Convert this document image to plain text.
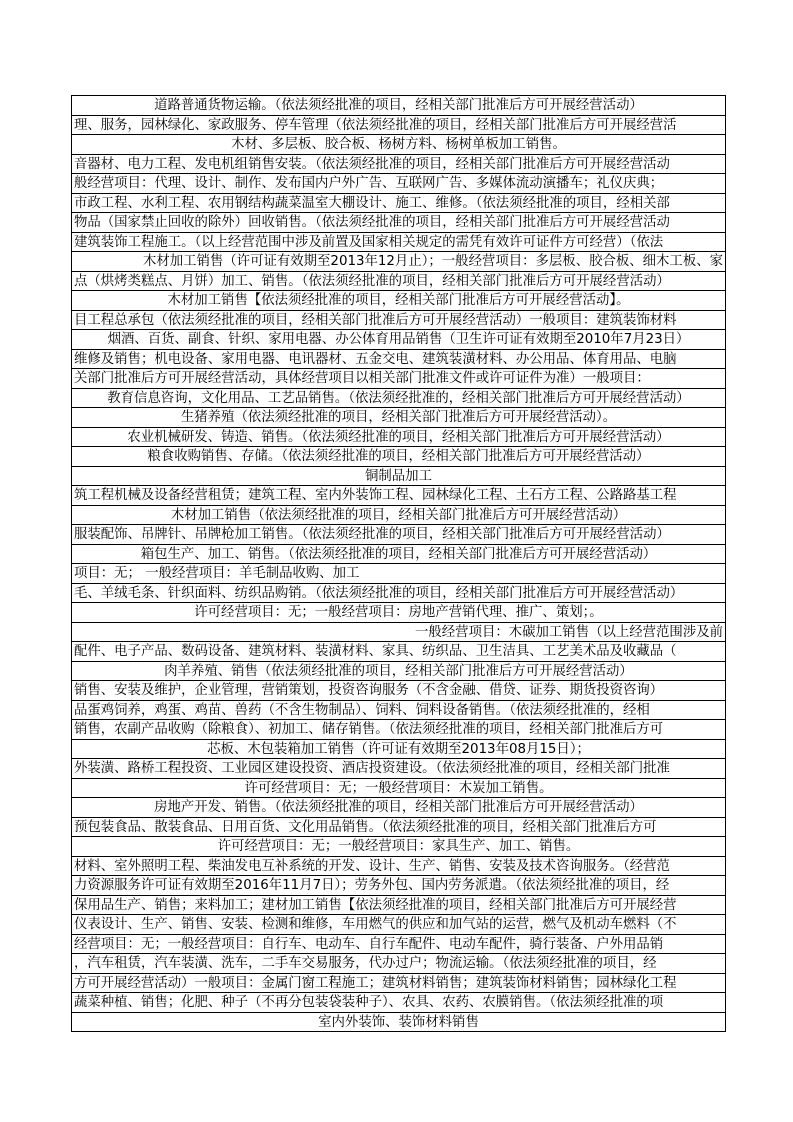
道路普通货物运输。（依法须经批准的项目，经相关部门批准后方可开展经营活动）
理、服务，园林绿化、家政服务、停车管理（依法须经批准的项目，经相关部门批准后方可开展经营活
木材、多层板、胶合板、杨树方料、杨树单板加工销售。
音器材、电力工程、发电机组销售安装。（依法须经批准的项目，经相关部门批准后方可开展经营活动
般经营项目：代理、设计、制作、发布国内户外广告、互联网广告、多媒体流动演播车；礼仪庆典；
市政工程、水利工程、农用钢结构蔬菜温室大棚设计、施工、维修。（依法须经批准的项目，经相关部
物品（国家禁止回收的除外）回收销售。（依法须经批准的项目，经相关部门批准后方可开展经营活动
建筑装饰工程施工。（以上经营范围中涉及前置及国家相关规定的需凭有效许可证件方可经营）（依法
木材加工销售（许可证有效期至2013年12月止）；一般经营项目：多层板、胶合板、细木工板、家
点（烘烤类糕点、月饼）加工、销售。（依法须经批准的项目，经相关部门批准后方可开展经营活动）
木材加工销售【依法须经批准的项目，经相关部门批准后方可开展经营活动】。
目工程总承包（依法须经批准的项目，经相关部门批准后方可开展经营活动）一般项目：建筑装饰材料
烟酒、百货、副食、针织、家用电器、办公体育用品销售（卫生许可证有效期至2010年7月23日）
维修及销售；机电设备、家用电器、电讯器材、五金交电、建筑装潢材料、办公用品、体育用品、电脑
关部门批准后方可开展经营活动，具体经营项目以相关部门批准文件或许可证件为准）一般项目：
教育信息咨询，文化用品、工艺品销售。（依法须经批准的，经相关部门批准后方可开展经营活动）
生猪养殖（依法须经批准的项目，经相关部门批准后方可开展经营活动）。
农业机械研发、铸造、销售。（依法须经批准的项目，经相关部门批准后方可开展经营活动）
粮食收购销售、存储。（依法须经批准的项目，经相关部门批准后方可开展经营活动）
铜制品加工
筑工程机械及设备经营租赁；建筑工程、室内外装饰工程、园林绿化工程、土石方工程、公路路基工程
木材加工销售（依法须经批准的项目，经相关部门批准后方可开展经营活动）
服装配饰、吊牌针、吊牌枪加工销售。（依法须经批准的项目，经相关部门批准后方可开展经营活动）
箱包生产、加工、销售。（依法须经批准的项目，经相关部门批准后方可开展经营活动）
项目：无； 一般经营项目：羊毛制品收购、加工
毛、羊绒毛条、针织面料、纺织品购销。（依法须经批准的项目，经相关部门批准后方可开展经营活动）
许可经营项目：无；一般经营项目：房地产营销代理、推广、策划；。
一般经营项目：木碳加工销售（以上经营范围涉及前
配件、电子产品、数码设备、建筑材料、装潢材料、家具、纺织品、卫生洁具、工艺美术品及收藏品（
肉羊养殖、销售（依法须经批准的项目，经相关部门批准后方可开展经营活动）
销售、安装及维护，企业管理，营销策划，投资咨询服务（不含金融、借贷、证券、期货投资咨询）
品蛋鸡饲养，鸡蛋、鸡苗、兽药（不含生物制品）、饲料、饲料设备销售。（依法须经批准的，经相
销售，农副产品收购（除粮食）、初加工、储存销售。（依法须经批准的项目，经相关部门批准后方可
芯板、木包装箱加工销售（许可证有效期至2013年08月15日）；
外装潢、路桥工程投资、工业园区建设投资、酒店投资建设。（依法须经批准的项目，经相关部门批准
许可经营项目：无；一般经营项目：木炭加工销售。
房地产开发、销售。（依法须经批准的项目，经相关部门批准后方可开展经营活动）
预包装食品、散装食品、日用百货、文化用品销售。（依法须经批准的项目，经相关部门批准后方可
许可经营项目：无；一般经营项目：家具生产、加工、销售。
材料、室外照明工程、柴油发电互补系统的开发、设计、生产、销售、安装及技术咨询服务。（经营范
力资源服务许可证有效期至2016年11月7日）；劳务外包、国内劳务派遣。（依法须经批准的项目，经
保用品生产、销售；来料加工；建材加工销售【依法须经批准的项目，经相关部门批准后方可开展经营
仪表设计、生产、销售、安装、检测和维修，车用燃气的供应和加气站的运营，燃气及机动车燃料（不
经营项目：无；一般经营项目：自行车、电动车、自行车配件、电动车配件，骑行装备、户外用品销
，汽车租赁，汽车装潢、洗车，二手车交易服务，代办过户；物流运输。（依法须经批准的项目，经
方可开展经营活动）一般项目：金属门窗工程施工；建筑材料销售；建筑装饰材料销售；园林绿化工程
蔬菜种植、销售；化肥、种子（不再分包装袋装种子）、农具、农药、农膜销售。（依法须经批准的项
室内外装饰、装饰材料销售
